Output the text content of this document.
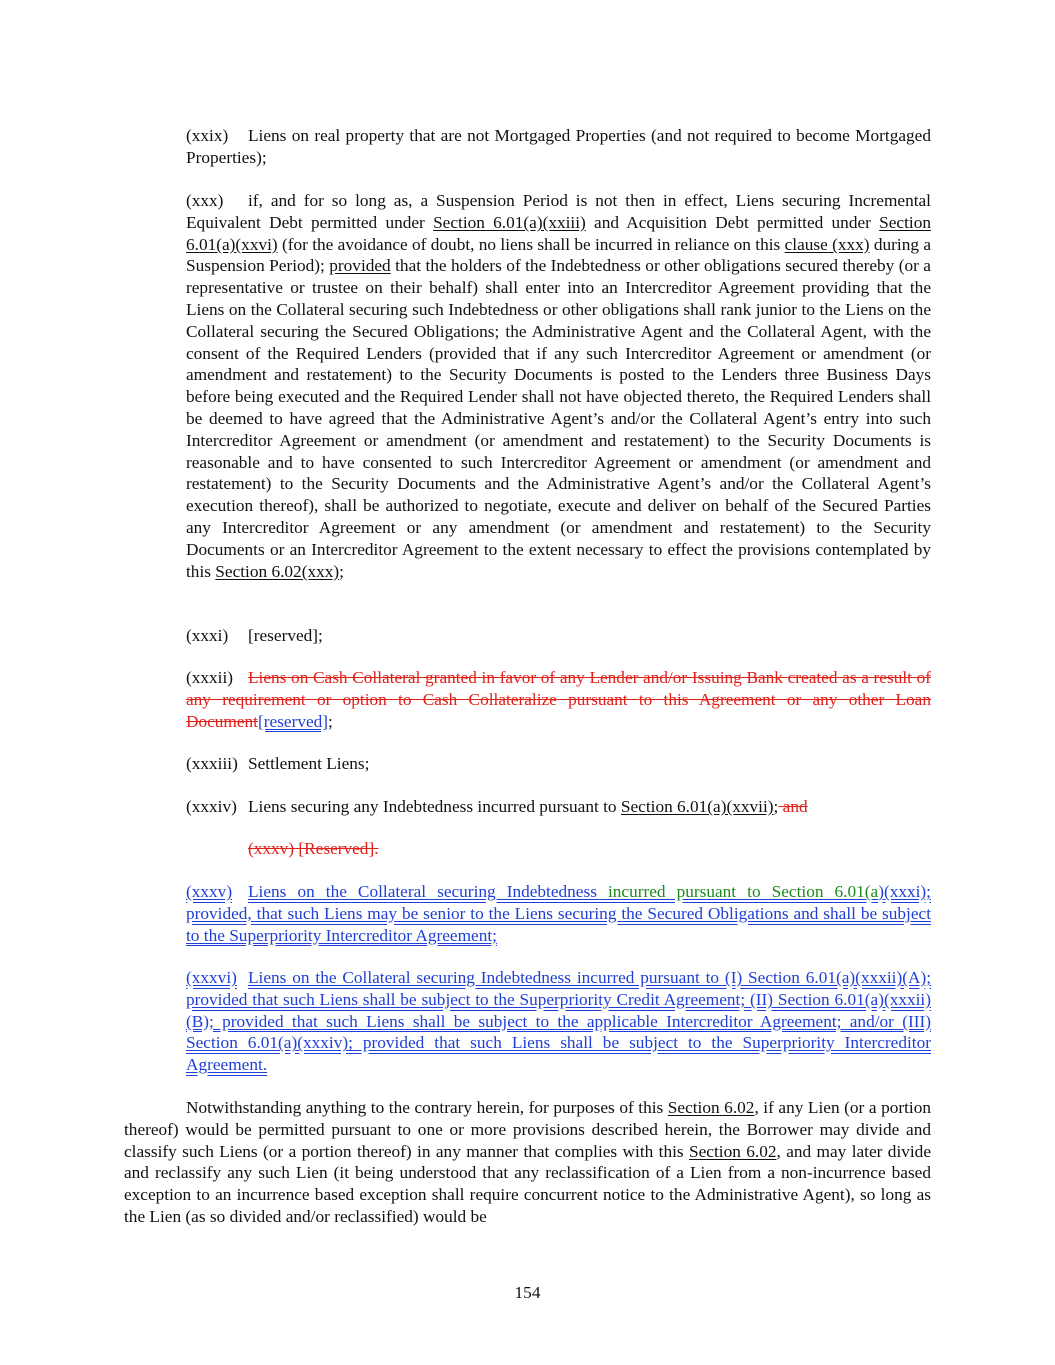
(xxix) Liens on real property that are not Mortgaged Properties (and not required to become Mortgaged Properties);

(xxx) if, and for so long as, a Suspension Period is not then in effect, Liens securing Incremental Equivalent Debt permitted under Section 6.01(a)(xxiii) and Acquisition Debt permitted under Section 6.01(a)(xxvi) (for the avoidance of doubt, no liens shall be incurred in reliance on this clause (xxx) during a Suspension Period); provided that the holders of the Indebtedness or other obligations secured thereby (or a representative or trustee on their behalf) shall enter into an Intercreditor Agreement providing that the Liens on the Collateral securing such Indebtedness or other obligations shall rank junior to the Liens on the Collateral securing the Secured Obligations; the Administrative Agent and the Collateral Agent, with the consent of the Required Lenders (provided that if any such Intercreditor Agreement or amendment (or amendment and restatement) to the Security Documents is posted to the Lenders three Business Days before being executed and the Required Lender shall not have objected thereto, the Required Lenders shall be deemed to have agreed that the Administrative Agent’s and/or the Collateral Agent’s entry into such Intercreditor Agreement or amendment (or amendment and restatement) to the Security Documents is reasonable and to have consented to such Intercreditor Agreement or amendment (or amendment and restatement) to the Security Documents and the Administrative Agent’s and/or the Collateral Agent’s execution thereof), shall be authorized to negotiate, execute and deliver on behalf of the Secured Parties any Intercreditor Agreement or any amendment (or amendment and restatement) to the Security Documents or an Intercreditor Agreement to the extent necessary to effect the provisions contemplated by this Section 6.02(xxx);

(xxxi) [reserved];

(xxxii) Liens on Cash Collateral granted in favor of any Lender and/or Issuing Bank created as a result of any requirement or option to Cash Collateralize pursuant to this Agreement or any other Loan Document[reserved];

(xxxiii) Settlement Liens;

(xxxiv) Liens securing any Indebtedness incurred pursuant to Section 6.01(a)(xxvii); and

(xxxv) [Reserved].

(xxxv) Liens on the Collateral securing Indebtedness incurred pursuant to Section 6.01(a)(xxxi); provided, that such Liens may be senior to the Liens securing the Secured Obligations and shall be subject to the Superpriority Intercreditor Agreement;

(xxxvi) Liens on the Collateral securing Indebtedness incurred pursuant to (I) Section 6.01(a)(xxxii)(A); provided that such Liens shall be subject to the Superpriority Credit Agreement; (II) Section 6.01(a)(xxxii)(B); provided that such Liens shall be subject to the applicable Intercreditor Agreement; and/or (III) Section 6.01(a)(xxxiv); provided that such Liens shall be subject to the Superpriority Intercreditor Agreement.

Notwithstanding anything to the contrary herein, for purposes of this Section 6.02, if any Lien (or a portion thereof) would be permitted pursuant to one or more provisions described herein, the Borrower may divide and classify such Liens (or a portion thereof) in any manner that complies with this Section 6.02, and may later divide and reclassify any such Lien (it being understood that any reclassification of a Lien from a non-incurrence based exception to an incurrence based exception shall require concurrent notice to the Administrative Agent), so long as the Lien (as so divided and/or reclassified) would be

154
